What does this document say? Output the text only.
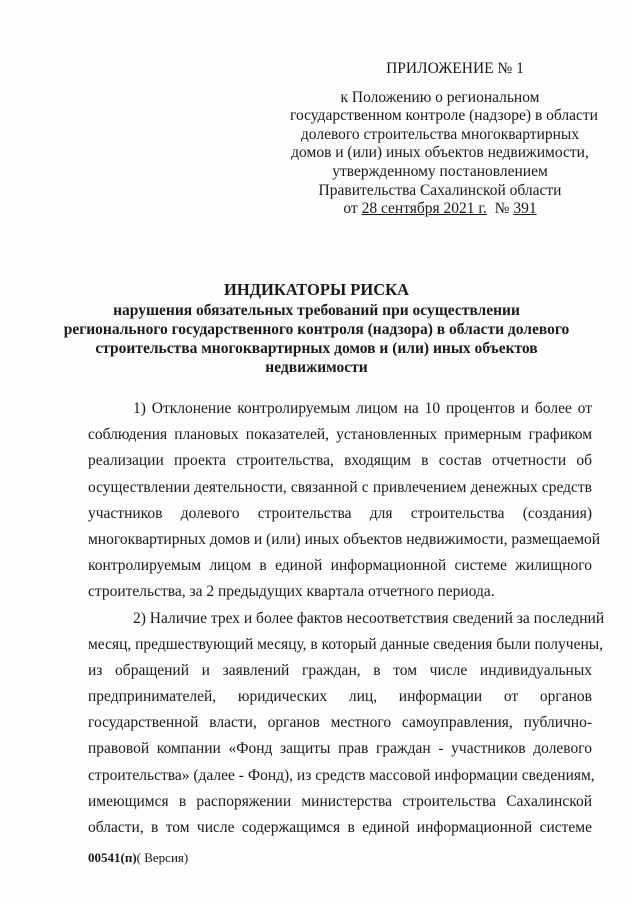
ПРИЛОЖЕНИЕ № 1
к Положению о региональном
государственном контроле (надзоре) в области
долевого строительства многоквартирных
домов и (или) иных объектов недвижимости,
утвержденному постановлением
Правительства Сахалинской области
от 28 сентября 2021 г.  № 391
ИНДИКАТОРЫ РИСКА
нарушения обязательных требований при осуществлении
регионального государственного контроля (надзора) в области долевого
строительства многоквартирных домов и (или) иных объектов
недвижимости
1) Отклонение контролируемым лицом на 10 процентов и более от
соблюдения плановых показателей, установленных примерным графиком
реализации проекта строительства, входящим в состав отчетности об
осуществлении деятельности, связанной с привлечением денежных средств
участников долевого строительства для строительства (создания)
многоквартирных домов и (или) иных объектов недвижимости, размещаемой
контролируемым лицом в единой информационной системе жилищного
строительства, за 2 предыдущих квартала отчетного периода.
2) Наличие трех и более фактов несоответствия сведений за последний
месяц, предшествующий месяцу, в который данные сведения были получены,
из обращений и заявлений граждан, в том числе индивидуальных
предпринимателей, юридических лиц, информации от органов
государственной власти, органов местного самоуправления, публично-
правовой компании «Фонд защиты прав граждан - участников долевого
строительства» (далее - Фонд), из средств массовой информации сведениям,
имеющимся в распоряжении министерства строительства Сахалинской
области, в том числе содержащимся в единой информационной системе
00541(п)( Версия)
